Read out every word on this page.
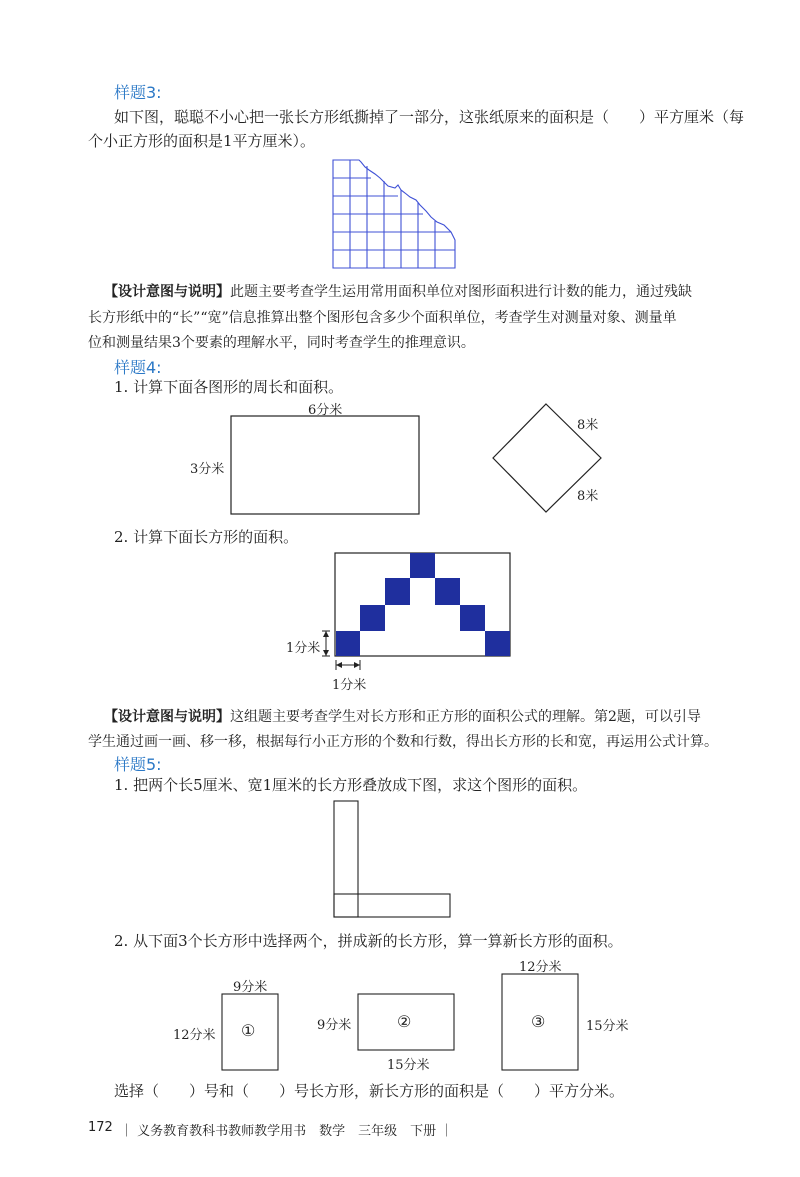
样题3:
如下图，聪聪不小心把一张长方形纸撕掉了一部分，这张纸原来的面积是（　　）平方厘米（每
个小正方形的面积是1平方厘米）。
【设计意图与说明】此题主要考查学生运用常用面积单位对图形面积进行计数的能力，通过残缺
长方形纸中的“长”“宽”信息推算出整个图形包含多少个面积单位，考查学生对测量对象、测量单
位和测量结果3个要素的理解水平，同时考查学生的推理意识。
样题4:
1. 计算下面各图形的周长和面积。
6分米
3分米
8米
8米
2. 计算下面长方形的面积。
1分米
1分米
【设计意图与说明】这组题主要考查学生对长方形和正方形的面积公式的理解。第2题，可以引导
学生通过画一画、移一移，根据每行小正方形的个数和行数，得出长方形的长和宽，再运用公式计算。
样题5:
1. 把两个长5厘米、宽1厘米的长方形叠放成下图，求这个图形的面积。
2. 从下面3个长方形中选择两个，拼成新的长方形，算一算新长方形的面积。
9分米
12分米 ①	9分米
15分米
②
12分米
15分米
③
选择（　　）号和（　　）号长方形，新长方形的面积是（　　）平方分米。
172 ｜ 义务教育教科书教师教学用书　数学　三年级　下册 ｜
